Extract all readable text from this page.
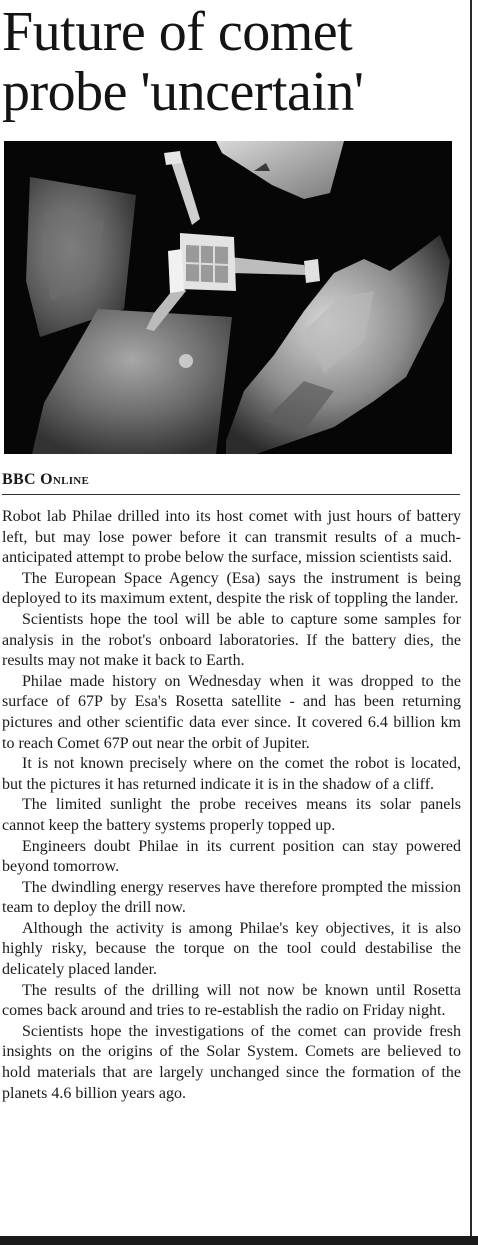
Future of comet probe 'uncertain'
BBC Online

Robot lab Philae drilled into its host comet with just hours of battery left, but may lose power before it can transmit results of a much-anticipated attempt to probe below the surface, mission scientists said.

The European Space Agency (Esa) says the instrument is being deployed to its maximum extent, despite the risk of toppling the lander.

Scientists hope the tool will be able to capture some samples for analysis in the robot's onboard laboratories. If the battery dies, the results may not make it back to Earth.

Philae made history on Wednesday when it was dropped to the surface of 67P by Esa's Rosetta satellite - and has been returning pictures and other scientific data ever since. It covered 6.4 billion km to reach Comet 67P out near the orbit of Jupiter.

It is not known precisely where on the comet the robot is located, but the pictures it has returned indicate it is in the shadow of a cliff.

The limited sunlight the probe receives means its solar panels cannot keep the battery systems properly topped up.

Engineers doubt Philae in its current position can stay powered beyond tomorrow.

The dwindling energy reserves have therefore prompted the mission team to deploy the drill now.

Although the activity is among Philae's key objectives, it is also highly risky, because the torque on the tool could destabilise the delicately placed lander.

The results of the drilling will not now be known until Rosetta comes back around and tries to re-establish the radio on Friday night.

Scientists hope the investigations of the comet can provide fresh insights on the origins of the Solar System. Comets are believed to hold materials that are largely unchanged since the formation of the planets 4.6 billion years ago.
